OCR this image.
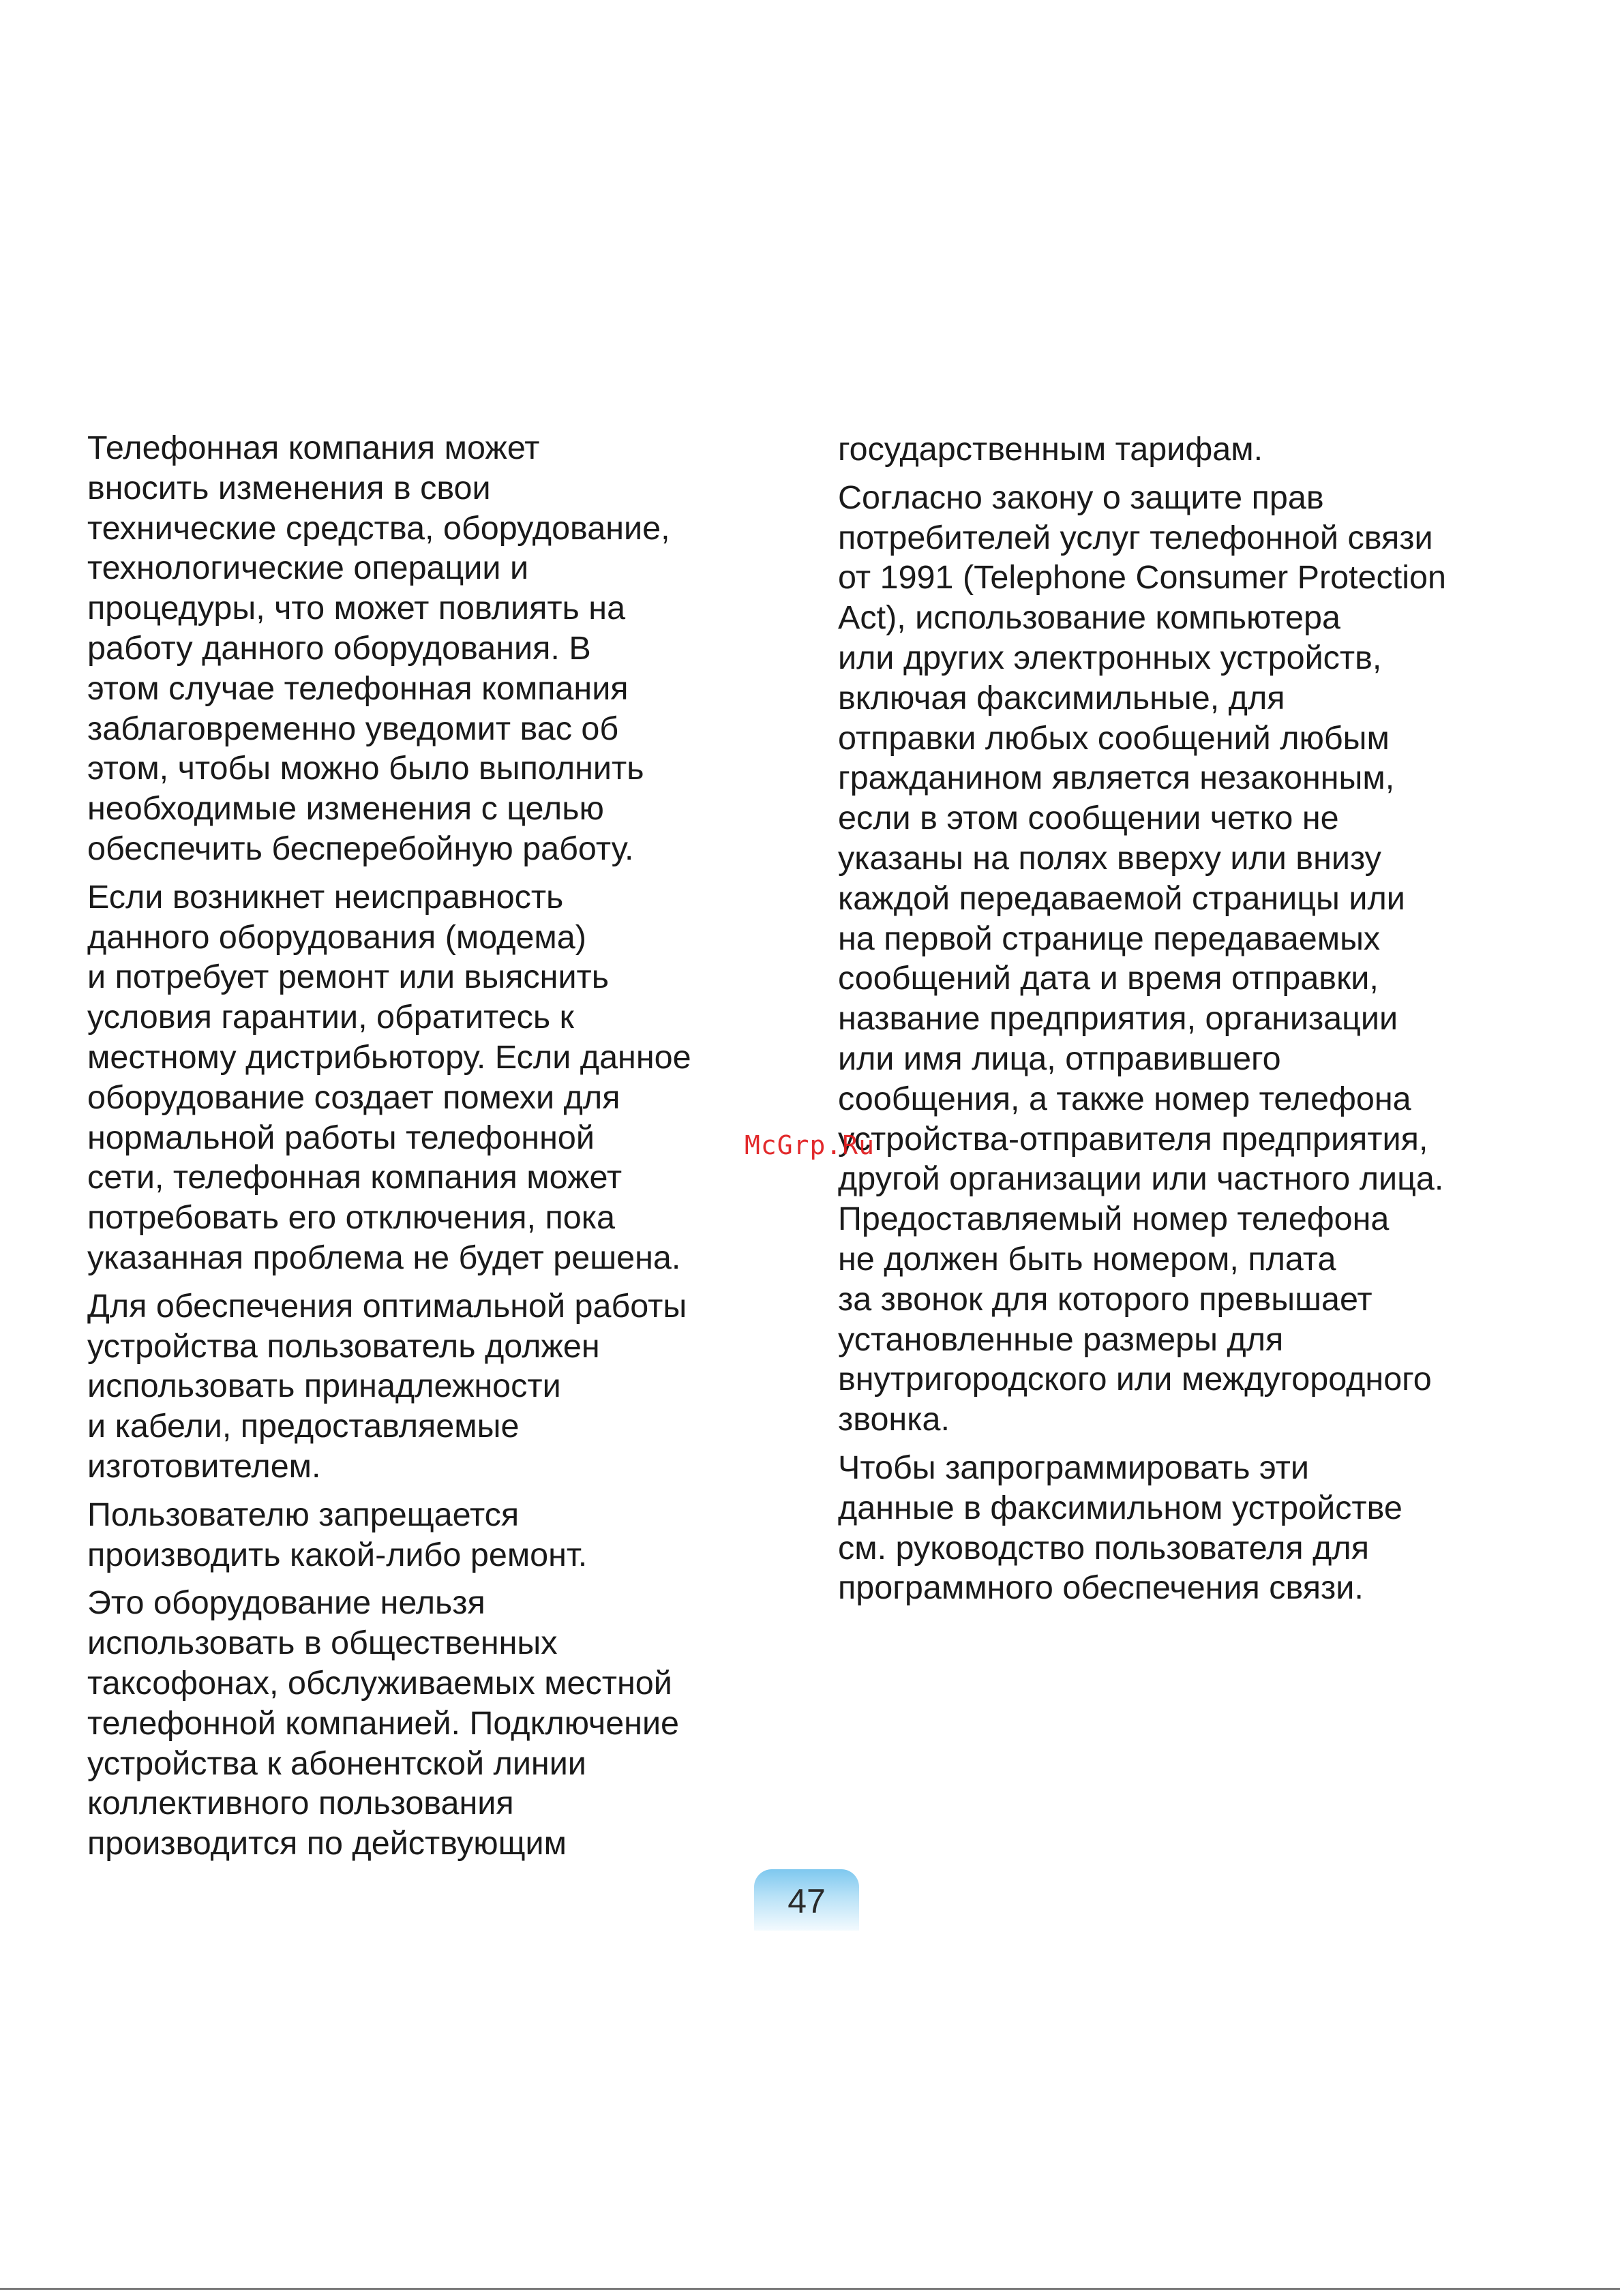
Телефонная компания может
вносить изменения в свои
технические средства, оборудование,
технологические операции и
процедуры, что может повлиять на
работу данного оборудования. В
этом случае телефонная компания
заблаговременно уведомит вас об
этом, чтобы можно было выполнить
необходимые изменения с целью
обеспечить бесперебойную работу.

Если возникнет неисправность
данного оборудования (модема)
и потребует ремонт или выяснить
условия гарантии, обратитесь к
местному дистрибьютору. Если данное
оборудование создает помехи для
нормальной работы телефонной
сети, телефонная компания может
потребовать его отключения, пока
указанная проблема не будет решена.

Для обеспечения оптимальной работы
устройства пользователь должен
использовать принадлежности
и кабели, предоставляемые
изготовителем.

Пользователю запрещается
производить какой-либо ремонт.

Это оборудование нельзя
использовать в общественных
таксофонах, обслуживаемых местной
телефонной компанией. Подключение
устройства к абонентской линии
коллективного пользования
производится по действующим

государственным тарифам.

Согласно закону о защите прав
потребителей услуг телефонной связи
от 1991 (Telephone Consumer Protection
Act), использование компьютера
или других электронных устройств,
включая факсимильные, для
отправки любых сообщений любым
гражданином является незаконным,
если в этом сообщении четко не
указаны на полях вверху или внизу
каждой передаваемой страницы или
на первой странице передаваемых
сообщений дата и время отправки,
название предприятия, организации
или имя лица, отправившего
сообщения, а также номер телефона
устройства-отправителя предприятия,
другой организации или частного лица.
Предоставляемый номер телефона
не должен быть номером, плата
за звонок для которого превышает
установленные размеры для
внутригородского или междугородного
звонка.

Чтобы запрограммировать эти
данные в факсимильном устройстве
см. руководство пользователя для
программного обеспечения связи.

McGrp.Ru
47
